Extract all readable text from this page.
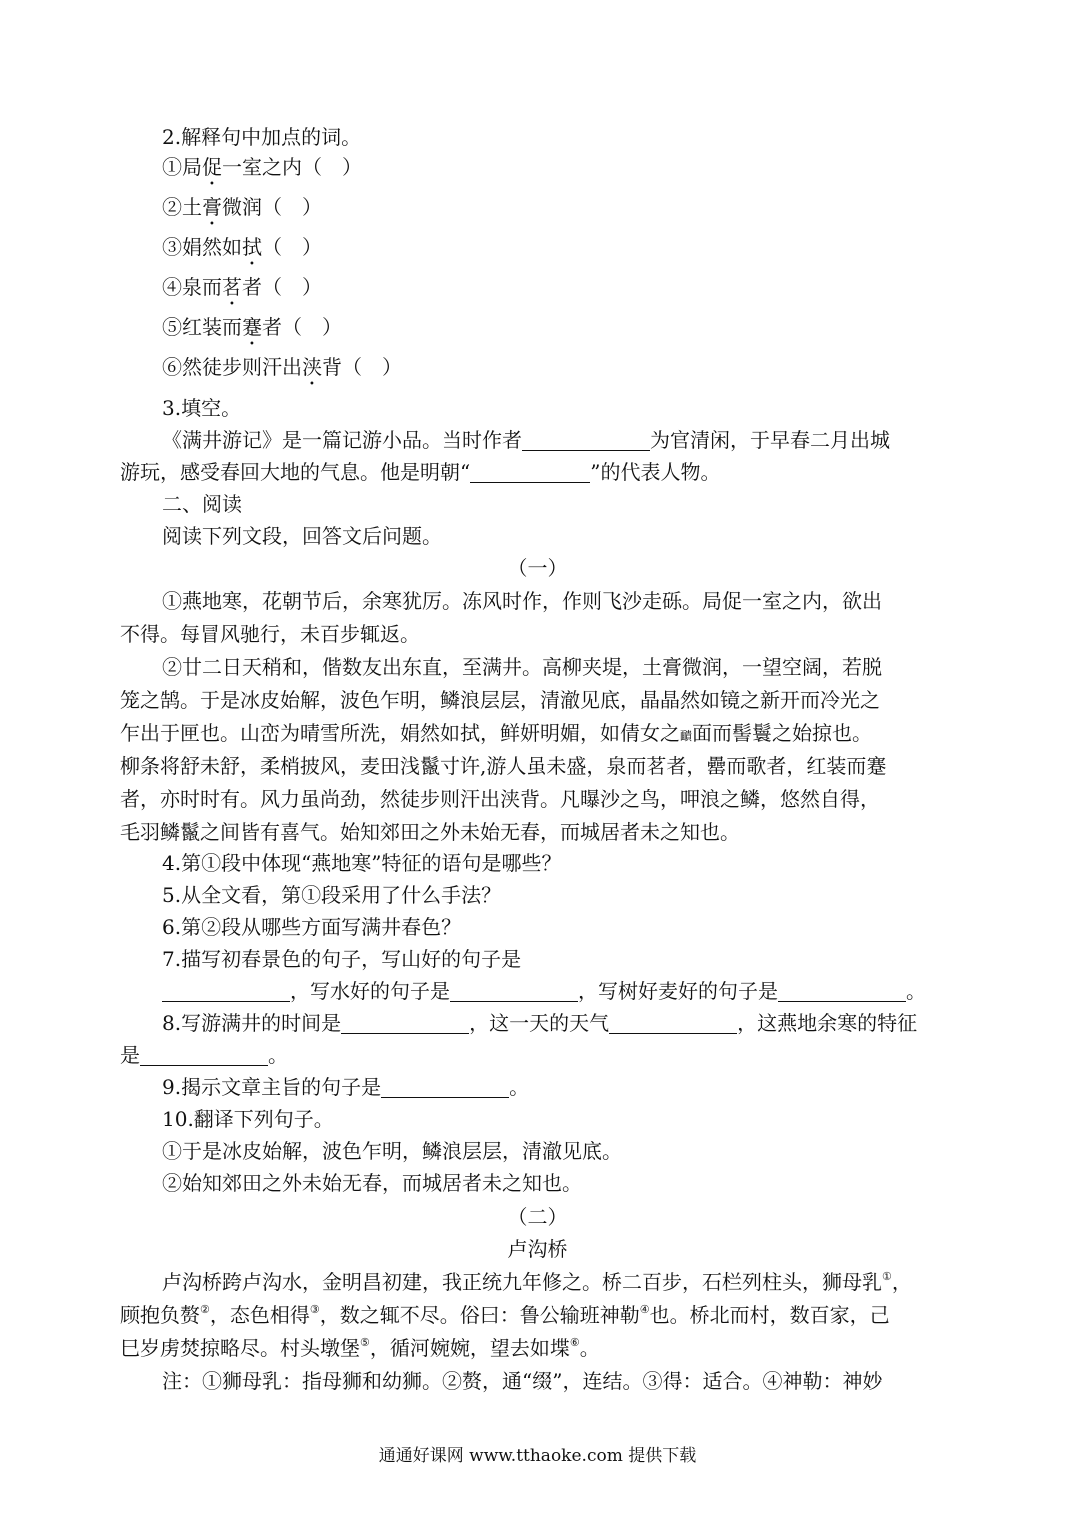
2.解释句中加点的词。
①局促一室之内（　）
②土膏微润（　）
③娟然如拭（　）
④泉而茗者（　）
⑤红装而蹇者（　）
⑥然徒步则汗出浃背（　）
3.填空。
《满井游记》是一篇记游小品。当时作者	为官清闲，于早春二月出城
游玩，感受春回大地的气息。他是明朝“	”的代表人物。
二、阅读
阅读下列文段，回答文后问题。
（一）
①燕地寒，花朝节后，余寒犹厉。冻风时作，作则飞沙走砾。局促一室之内，欲出
不得。每冒风驰行，未百步辄返。
②廿二日天稍和，偕数友出东直，至满井。高柳夹堤，土膏微润，一望空阔，若脱
笼之鹄。于是冰皮始解，波色乍明，鳞浪层层，清澈见底，晶晶然如镜之新开而冷光之
乍出于匣也。山峦为晴雪所洗，娟然如拭，鲜妍明媚，如倩女之靧面而髻鬟之始掠也。
柳条将舒未舒，柔梢披风，麦田浅鬣寸许,游人虽未盛，泉而茗者，罍而歌者，红装而蹇
者，亦时时有。风力虽尚劲，然徒步则汗出浃背。凡曝沙之鸟，呷浪之鳞，悠然自得，
毛羽鳞鬣之间皆有喜气。始知郊田之外未始无春，而城居者未之知也。
4.第①段中体现“燕地寒”特征的语句是哪些？
5.从全文看，第①段采用了什么手法？
6.第②段从哪些方面写满井春色？
7.描写初春景色的句子，写山好的句子是
，写水好的句子是	，写树好麦好的句子是	。
8.写游满井的时间是	，这一天的天气	，这燕地余寒的特征
是	。
9.揭示文章主旨的句子是	。
10.翻译下列句子。
①于是冰皮始解，波色乍明，鳞浪层层，清澈见底。
②始知郊田之外未始无春，而城居者未之知也。
（二）
卢沟桥
卢沟桥跨卢沟水，金明昌初建，我正统九年修之。桥二百步，石栏列柱头，狮母乳①，
顾抱负赘②，态色相得③，数之辄不尽。俗曰：鲁公输班神勒④也。桥北而村，数百家，己
巳岁虏焚掠略尽。村头墩堡⑤，循河婉婉，望去如堞⑥。
注：①狮母乳：指母狮和幼狮。②赘，通“缀”，连结。③得：适合。④神勒：神妙
通通好课网 www.tthaoke.com 提供下载
